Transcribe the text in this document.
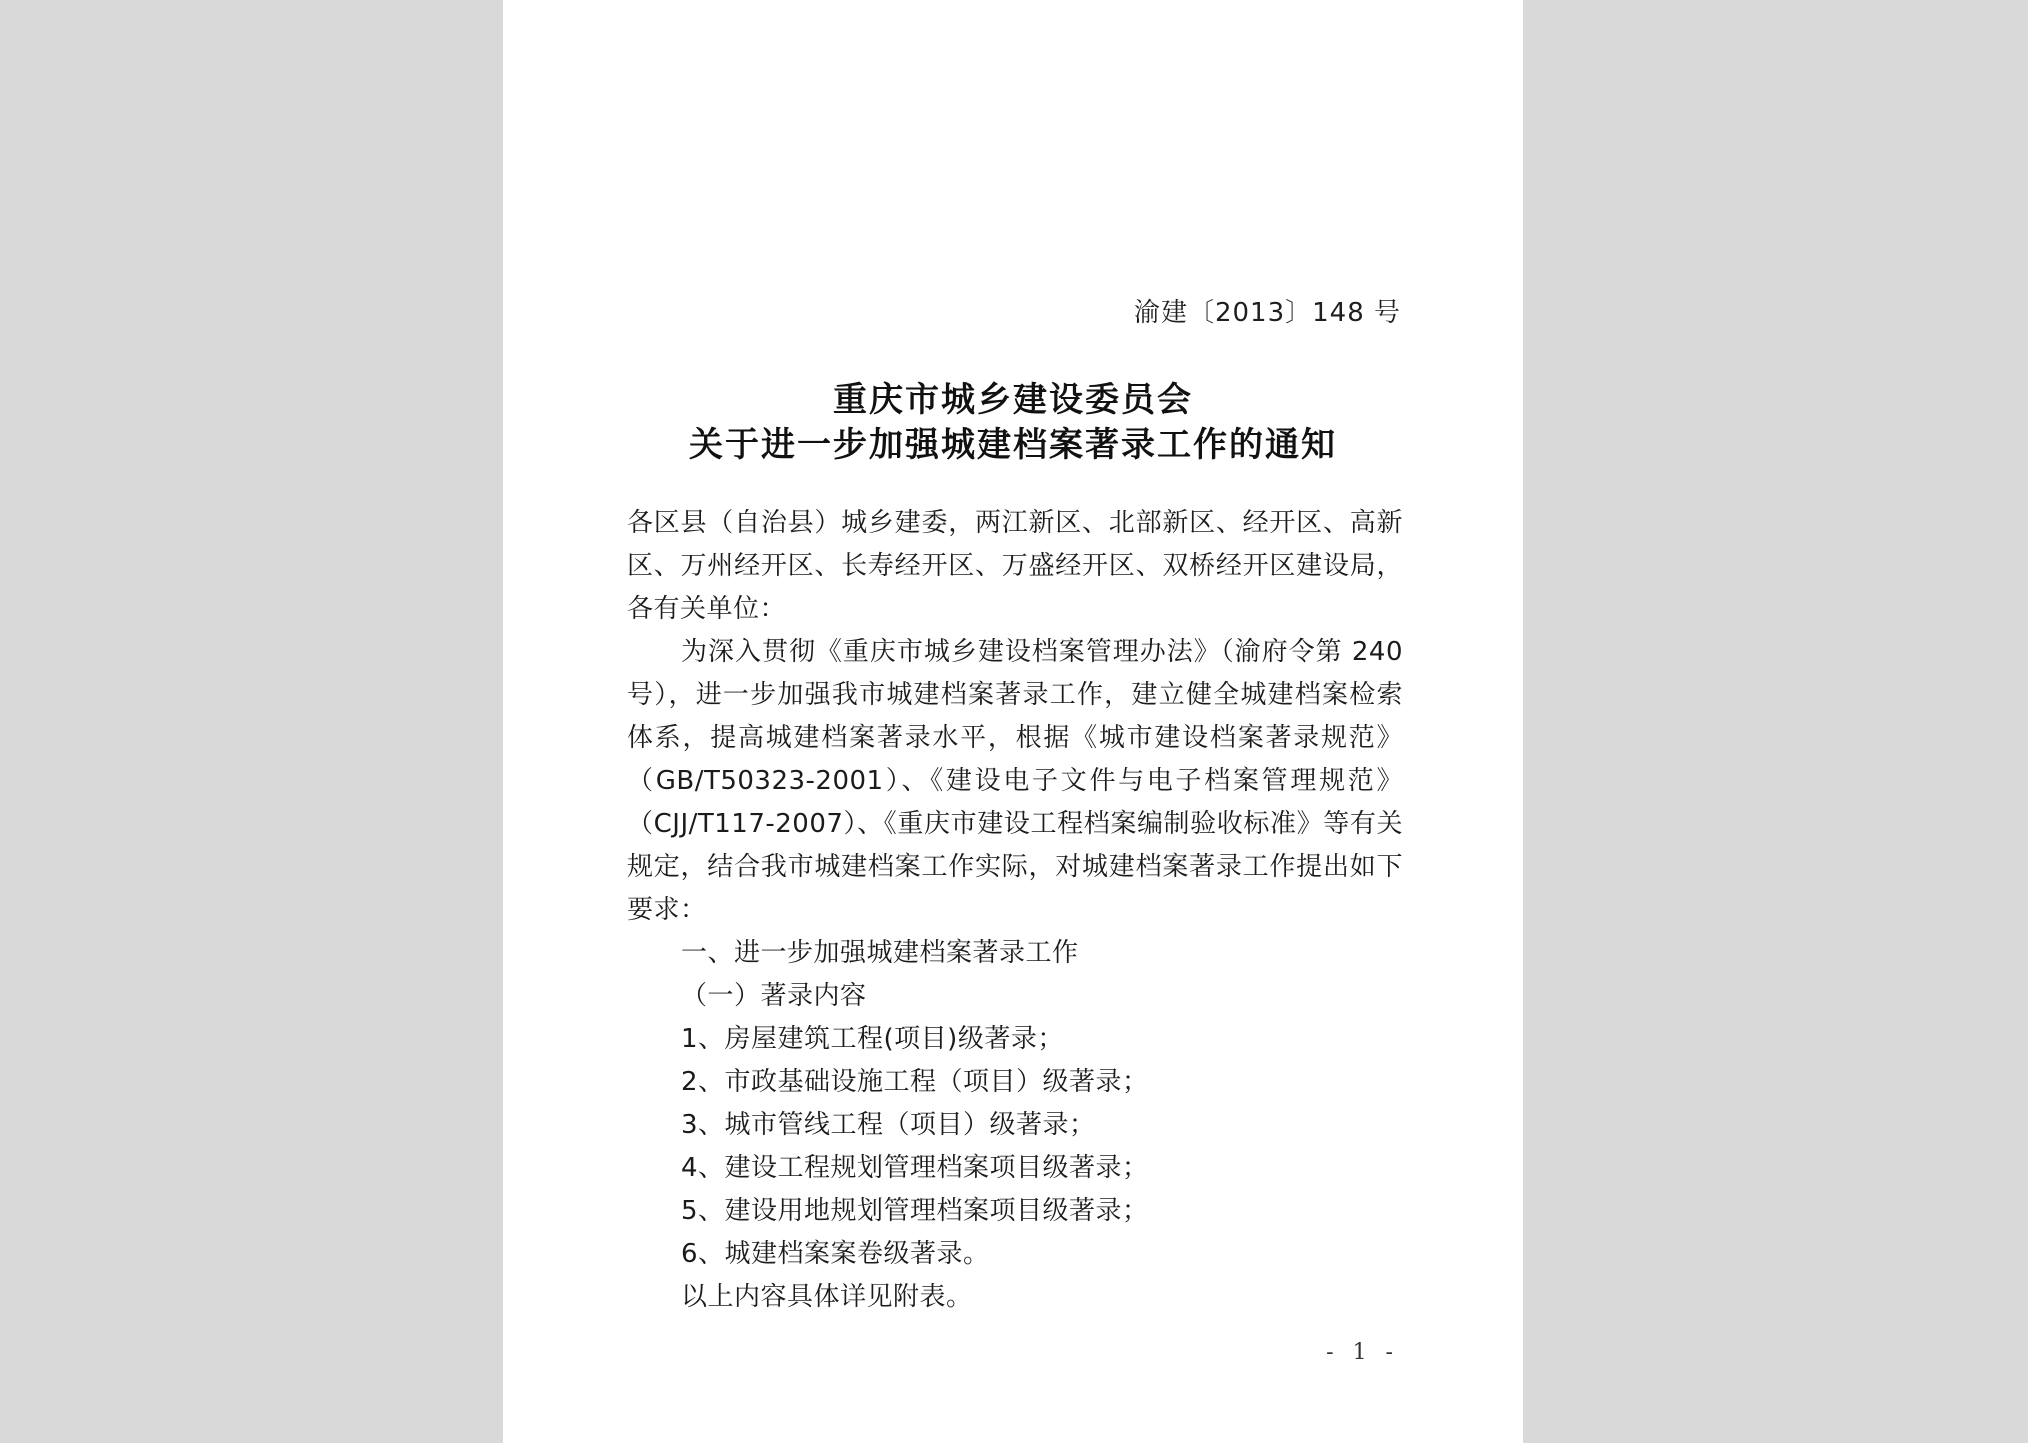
渝建〔2013〕148 号
重庆市城乡建设委员会
关于进一步加强城建档案著录工作的通知

各区县（自治县）城乡建委，两江新区、北部新区、经开区、高新区、万州经开区、长寿经开区、万盛经开区、双桥经开区建设局，各有关单位：

为深入贯彻《重庆市城乡建设档案管理办法》（渝府令第 240 号），进一步加强我市城建档案著录工作，建立健全城建档案检索体系，提高城建档案著录水平，根据《城市建设档案著录规范》（GB/T50323-2001）、《建设电子文件与电子档案管理规范》（CJJ/T117-2007）、《重庆市建设工程档案编制验收标准》等有关规定，结合我市城建档案工作实际，对城建档案著录工作提出如下要求：

一、进一步加强城建档案著录工作

（一）著录内容

1、房屋建筑工程(项目)级著录；

2、市政基础设施工程（项目）级著录；

3、城市管线工程（项目）级著录；

4、建设工程规划管理档案项目级著录；

5、建设用地规划管理档案项目级著录；

6、城建档案案卷级著录。

以上内容具体详见附表。

- 1 -
